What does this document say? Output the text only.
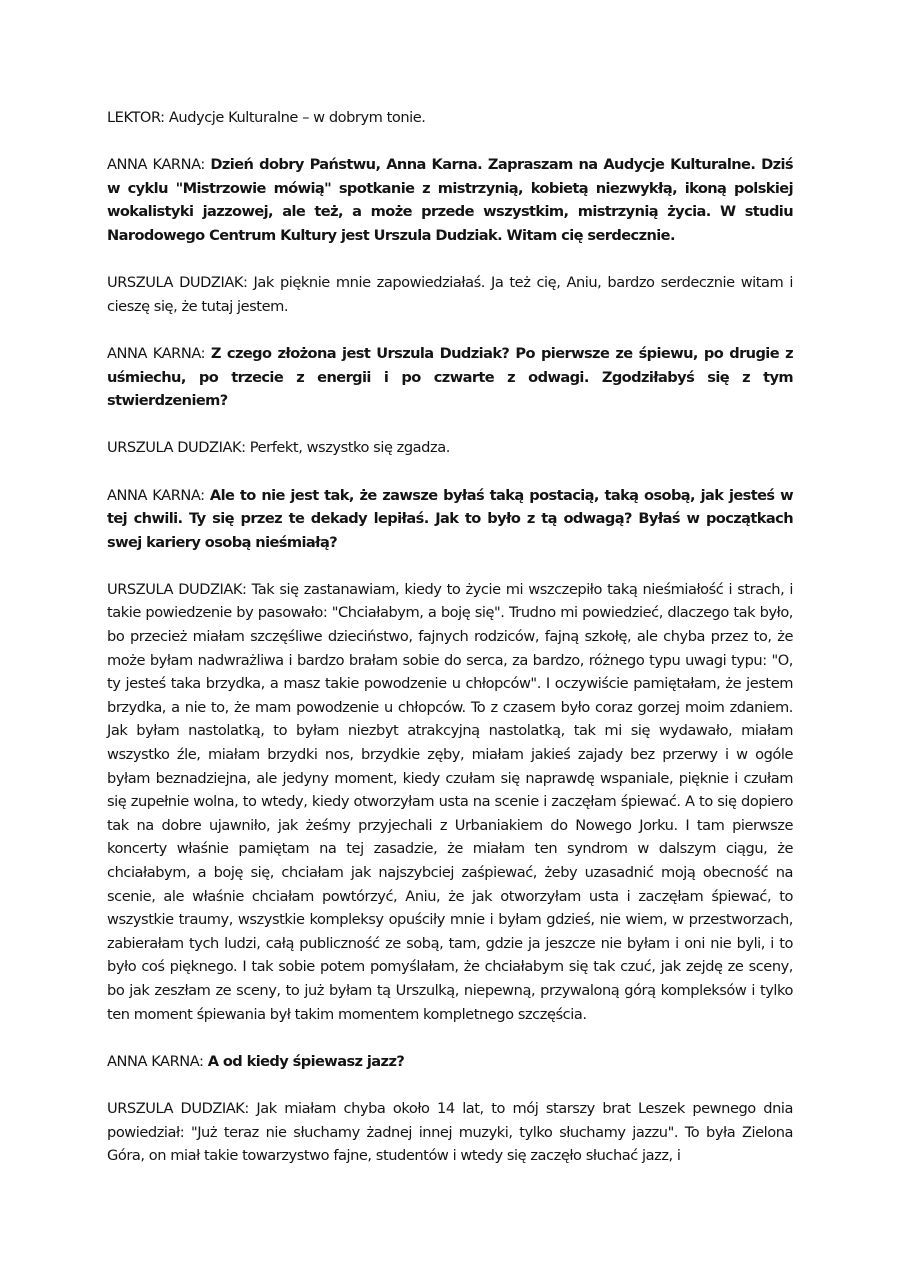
LEKTOR: Audycje Kulturalne – w dobrym tonie.

ANNA KARNA: Dzień dobry Państwu, Anna Karna. Zapraszam na Audycje Kulturalne. Dziś w cyklu "Mistrzowie mówią" spotkanie z mistrzynią, kobietą niezwykłą, ikoną polskiej wokalistyki jazzowej, ale też, a może przede wszystkim, mistrzynią życia. W studiu Narodowego Centrum Kultury jest Urszula Dudziak. Witam cię serdecznie.

URSZULA DUDZIAK: Jak pięknie mnie zapowiedziałaś. Ja też cię, Aniu, bardzo serdecznie witam i cieszę się, że tutaj jestem.

ANNA KARNA: Z czego złożona jest Urszula Dudziak? Po pierwsze ze śpiewu, po drugie z uśmiechu, po trzecie z energii i po czwarte z odwagi. Zgodziłabyś się z tym stwierdzeniem?

URSZULA DUDZIAK: Perfekt, wszystko się zgadza.

ANNA KARNA: Ale to nie jest tak, że zawsze byłaś taką postacią, taką osobą, jak jesteś w tej chwili. Ty się przez te dekady lepiłaś. Jak to było z tą odwagą? Byłaś w początkach swej kariery osobą nieśmiałą?

URSZULA DUDZIAK: Tak się zastanawiam, kiedy to życie mi wszczepiło taką nieśmiałość i strach, i takie powiedzenie by pasowało: "Chciałabym, a boję się". Trudno mi powiedzieć, dlaczego tak było, bo przecież miałam szczęśliwe dzieciństwo, fajnych rodziców, fajną szkołę, ale chyba przez to, że może byłam nadwrażliwa i bardzo brałam sobie do serca, za bardzo, różnego typu uwagi typu: "O, ty jesteś taka brzydka, a masz takie powodzenie u chłopców". I oczywiście pamiętałam, że jestem brzydka, a nie to, że mam powodzenie u chłopców. To z czasem było coraz gorzej moim zdaniem. Jak byłam nastolatką, to byłam niezbyt atrakcyjną nastolatką, tak mi się wydawało, miałam wszystko źle, miałam brzydki nos, brzydkie zęby, miałam jakieś zajady bez przerwy i w ogóle byłam beznadziejna, ale jedyny moment, kiedy czułam się naprawdę wspaniale, pięknie i czułam się zupełnie wolna, to wtedy, kiedy otworzyłam usta na scenie i zaczęłam śpiewać. A to się dopiero tak na dobre ujawniło, jak żeśmy przyjechali z Urbaniakiem do Nowego Jorku. I tam pierwsze koncerty właśnie pamiętam na tej zasadzie, że miałam ten syndrom w dalszym ciągu, że chciałabym, a boję się, chciałam jak najszybciej zaśpiewać, żeby uzasadnić moją obecność na scenie, ale właśnie chciałam powtórzyć, Aniu, że jak otworzyłam usta i zaczęłam śpiewać, to wszystkie traumy, wszystkie kompleksy opuściły mnie i byłam gdzieś, nie wiem, w przestworzach, zabierałam tych ludzi, całą publiczność ze sobą, tam, gdzie ja jeszcze nie byłam i oni nie byli, i to było coś pięknego. I tak sobie potem pomyślałam, że chciałabym się tak czuć, jak zejdę ze sceny, bo jak zeszłam ze sceny, to już byłam tą Urszulką, niepewną, przywaloną górą kompleksów i tylko ten moment śpiewania był takim momentem kompletnego szczęścia.

ANNA KARNA: A od kiedy śpiewasz jazz?

URSZULA DUDZIAK: Jak miałam chyba około 14 lat, to mój starszy brat Leszek pewnego dnia powiedział: "Już teraz nie słuchamy żadnej innej muzyki, tylko słuchamy jazzu". To była Zielona Góra, on miał takie towarzystwo fajne, studentów i wtedy się zaczęło słuchać jazz, i
